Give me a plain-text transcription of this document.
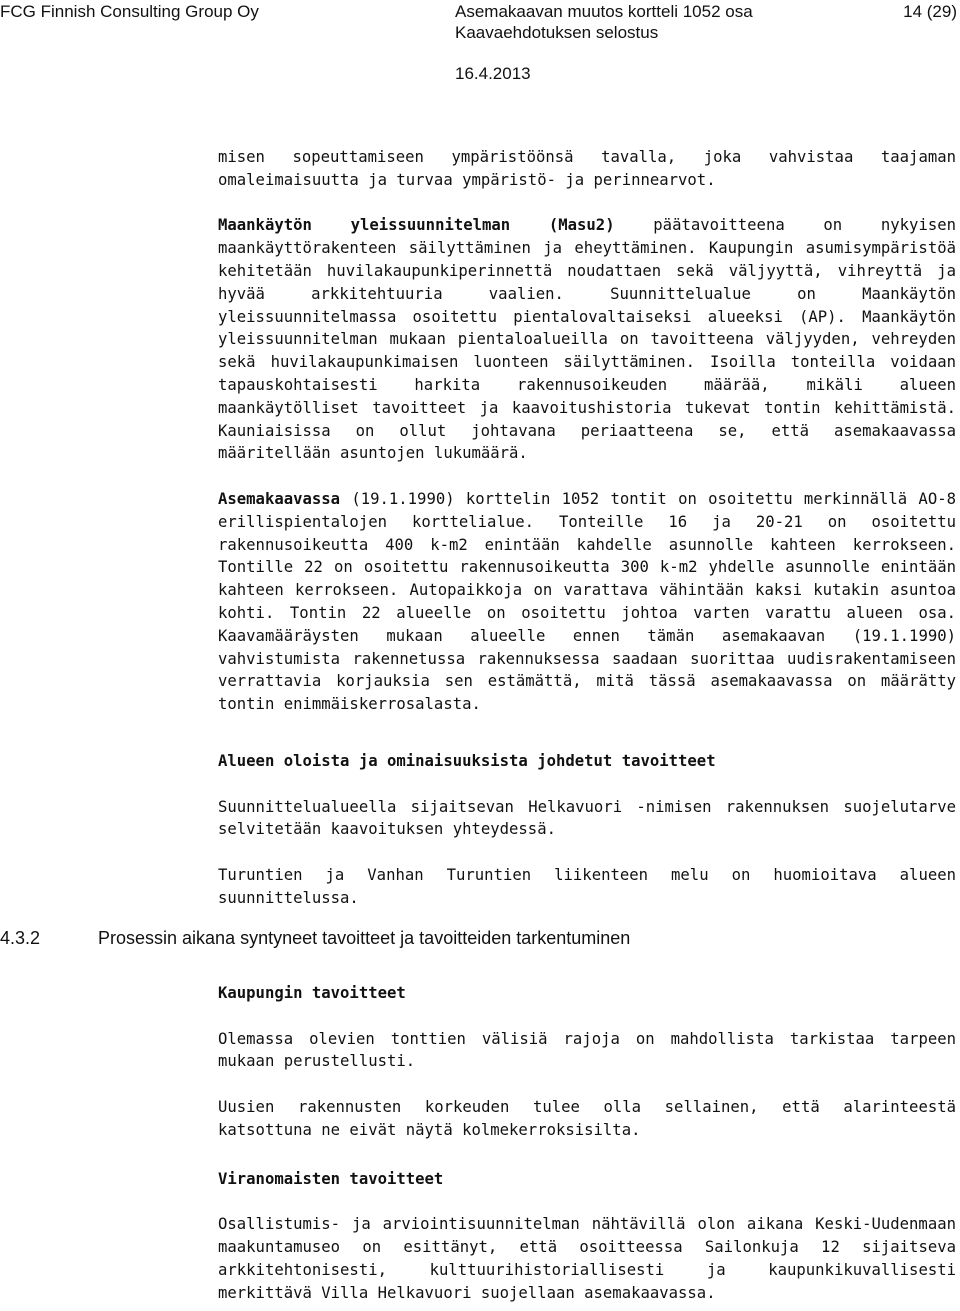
FCG Finnish Consulting Group Oy	Asemakaavan muutos kortteli 1052 osa
Kaavaehdotuksen selostus
14 (29)
16.4.2013

misen sopeuttamiseen ympäristöönsä tavalla, joka vahvistaa taajaman omaleimaisuutta ja turvaa ympäristö- ja perinnearvot.

Maankäytön yleissuunnitelman (Masu2) päätavoitteena on nykyisen maankäyttörakenteen säilyttäminen ja eheyttäminen. Kaupungin asumisympäristöä kehitetään huvilakaupunkiperinnettä noudattaen sekä väljyyttä, vihreyttä ja hyvää arkkitehtuuria vaalien. Suunnittelualue on Maankäytön yleissuunnitelmassa osoitettu pientalovaltaiseksi alueeksi (AP). Maankäytön yleissuunnitelman mukaan pientaloalueilla on tavoitteena väljyyden, vehreyden sekä huvilakaupunkimaisen luonteen säilyttäminen. Isoilla tonteilla voidaan tapauskohtaisesti harkita rakennusoikeuden määrää, mikäli alueen maankäytölliset tavoitteet ja kaavoitushistoria tukevat tontin kehittämistä. Kauniaisissa on ollut johtavana periaatteena se, että asemakaavassa määritellään asuntojen lukumäärä.

Asemakaavassa (19.1.1990) korttelin 1052 tontit on osoitettu merkinnällä AO-8 erillispientalojen korttelialue. Tonteille 16 ja 20-21 on osoitettu rakennusoikeutta 400 k-m2 enintään kahdelle asunnolle kahteen kerrokseen. Tontille 22 on osoitettu rakennusoikeutta 300 k-m2 yhdelle asunnolle enintään kahteen kerrokseen. Autopaikkoja on varattava vähintään kaksi kutakin asuntoa kohti. Tontin 22 alueelle on osoitettu johtoa varten varattu alueen osa. Kaavamääräysten mukaan alueelle ennen tämän asemakaavan (19.1.1990) vahvistumista rakennetussa rakennuksessa saadaan suorittaa uudisrakentamiseen verrattavia korjauksia sen estämättä, mitä tässä asemakaavassa on määrätty tontin enimmäiskerrosalasta.

Alueen oloista ja ominaisuuksista johdetut tavoitteet

Suunnittelualueella sijaitsevan Helkavuori -nimisen rakennuksen suojelutarve selvitetään kaavoituksen yhteydessä.

Turuntien ja Vanhan Turuntien liikenteen melu on huomioitava alueen suunnittelussa.

4.3.2	Prosessin aikana syntyneet tavoitteet ja tavoitteiden tarkentuminen
Kaupungin tavoitteet

Olemassa olevien tonttien välisiä rajoja on mahdollista tarkistaa tarpeen mukaan perustellusti.

Uusien rakennusten korkeuden tulee olla sellainen, että alarinteestä katsottuna ne eivät näytä kolmekerroksisilta.

Viranomaisten tavoitteet

Osallistumis- ja arviointisuunnitelman nähtävillä olon aikana Keski-Uudenmaan maakuntamuseo on esittänyt, että osoitteessa Sailonkuja 12 sijaitseva arkkitehtonisesti, kulttuurihistoriallisesti ja kaupunkikuvallisesti merkittävä Villa Helkavuori suojellaan asemakaavassa.
